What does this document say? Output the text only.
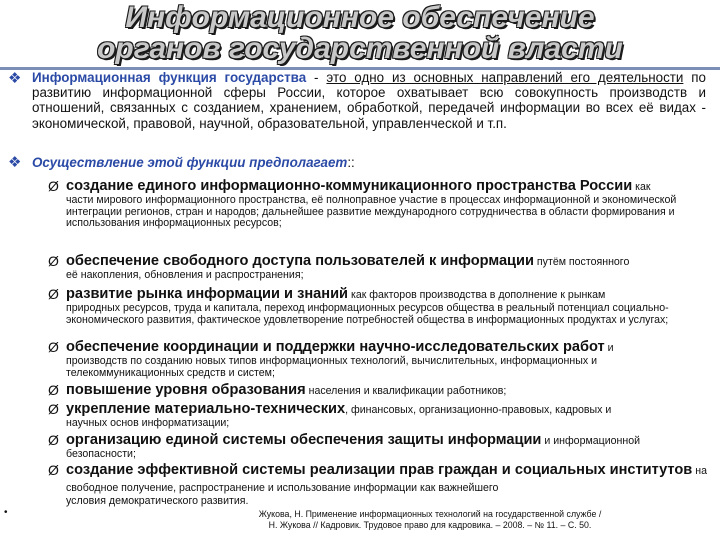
Информационное обеспечение
органов государственной власти
❖ Информационная функция государства - это одно из основных направлений его деятельности по развитию информационной сферы России, которое охватывает всю совокупность производств и отношений, связанных с созданием, хранением, обработкой, передачей информации во всех её видах - экономической, правовой, научной, образовательной, управленческой и т.п.
❖ Осуществление этой функции предполагает::
Ø создание единого информационно-коммуникационного пространства России как
части мирового информационного пространства, её полноправное участие в процессах информационной и экономической интеграции регионов, стран и народов; дальнейшее развитие международного сотрудничества в области формирования и использования информационных ресурсов;
Ø обеспечение свободного доступа пользователей к информации путём постоянного
её накопления, обновления и распространения;
Ø развитие рынка информации и знаний как факторов производства в дополнение к рынкам
природных ресурсов, труда и капитала, переход информационных ресурсов общества в реальный потенциал социально-экономического развития, фактическое удовлетворение потребностей общества в информационных продуктах и услугах;
Ø обеспечение координации и поддержки научно-исследовательских работ и
производств по созданию новых типов информационных технологий, вычислительных, информационных и телекоммуникационных средств и систем;
Ø повышение уровня образования населения и квалификации работников;
Ø укрепление материально-технических, финансовых, организационно-правовых, кадровых и
научных основ информатизации;
Ø организацию единой системы обеспечения защиты информации и информационной
безопасности;
Ø создание эффективной системы реализации прав граждан и социальных институтов на свободное получение, распространение и использование информации как важнейшего
условия демократического развития.
•	Жукова, Н. Применение информационных технологий на государственной службе /
Н. Жукова // Кадровик. Трудовое право для кадровика. – 2008. – № 11. – С. 50.
